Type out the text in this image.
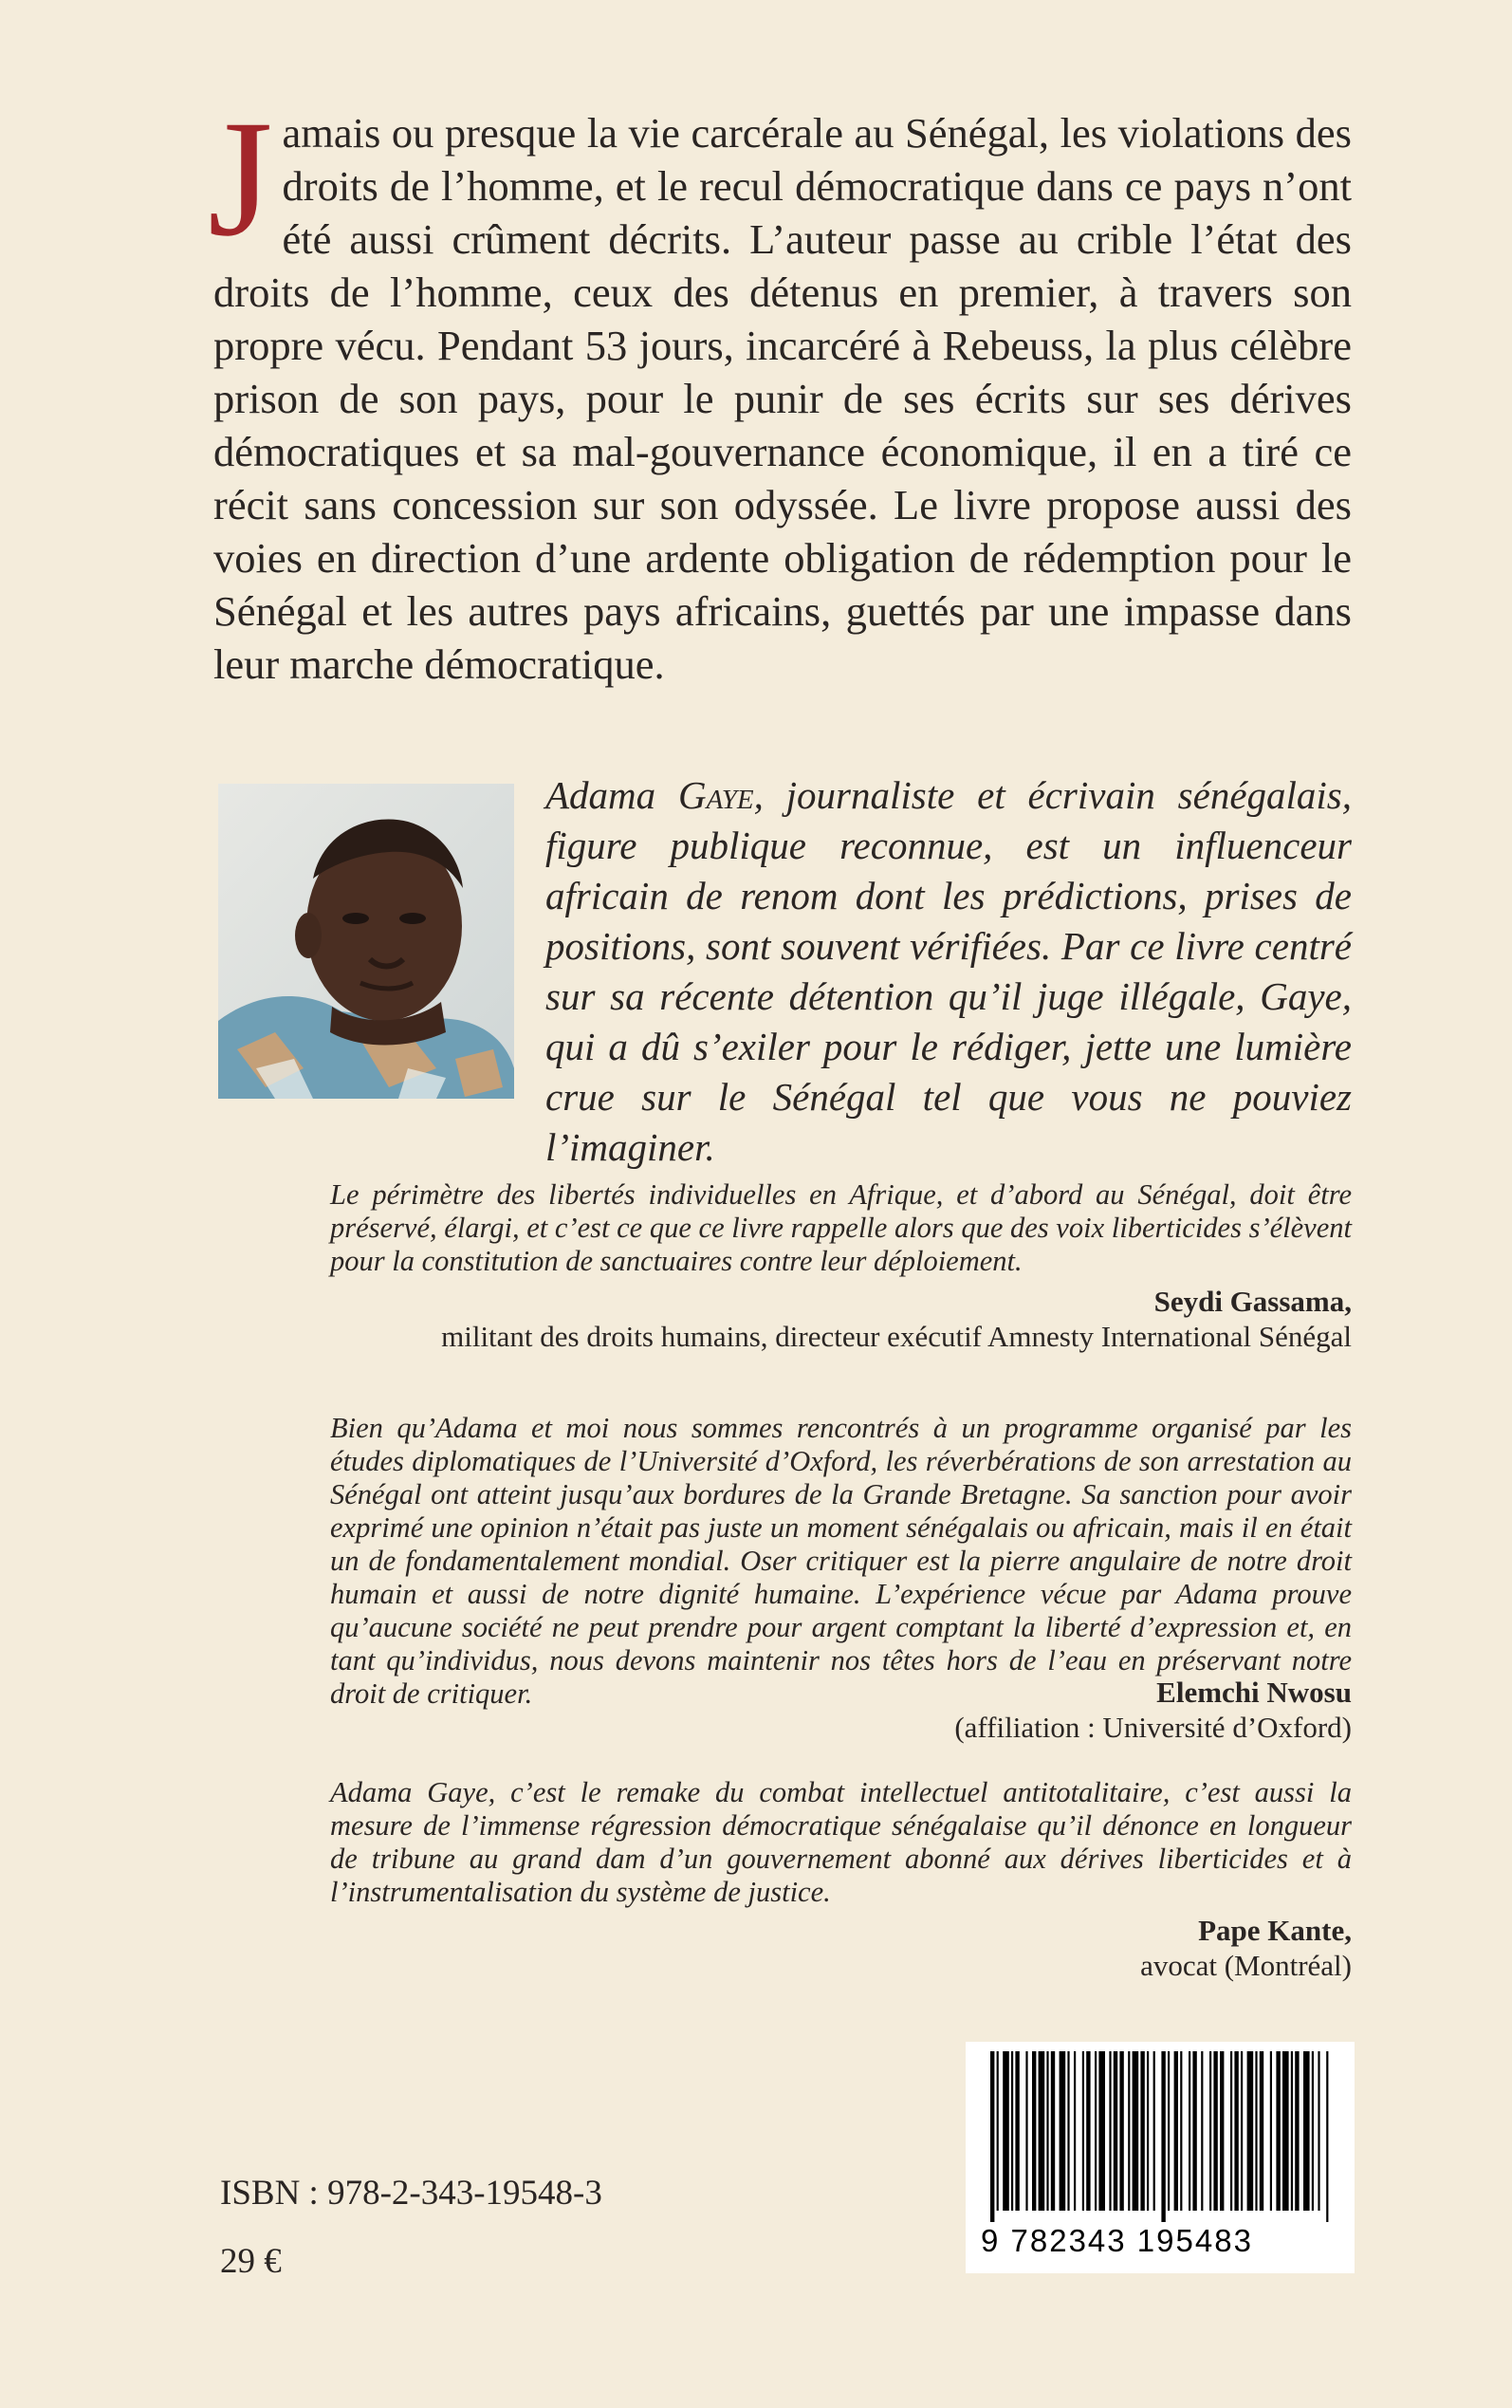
Jamais ou presque la vie carcérale au Sénégal, les violations des droits de l’homme, et le recul démocratique dans ce pays n’ont été aussi crûment décrits. L’auteur passe au crible l’état des droits de l’homme, ceux des détenus en premier, à travers son propre vécu. Pendant 53 jours, incarcéré à Rebeuss, la plus célèbre prison de son pays, pour le punir de ses écrits sur ses dérives démocratiques et sa mal-gouvernance économique, il en a tiré ce récit sans concession sur son odyssée. Le livre propose aussi des voies en direction d’une ardente obligation de rédemption pour le Sénégal et les autres pays africains, guettés par une impasse dans leur marche démocratique.

Adama Gaye, journaliste et écrivain sénégalais, figure publique reconnue, est un influenceur africain de renom dont les prédictions, prises de positions, sont souvent vérifiées. Par ce livre centré sur sa récente détention qu’il juge illégale, Gaye, qui a dû s’exiler pour le rédiger, jette une lumière crue sur le Sénégal tel que vous ne pouviez l’imaginer.

Le périmètre des libertés individuelles en Afrique, et d’abord au Sénégal, doit être préservé, élargi, et c’est ce que ce livre rappelle alors que des voix liberticides s’élèvent pour la constitution de sanctuaires contre leur déploiement.

Seydi Gassama,

militant des droits humains, directeur exécutif Amnesty International Sénégal

Bien qu’Adama et moi nous sommes rencontrés à un programme organisé par les études diplomatiques de l’Université d’Oxford, les réverbérations de son arrestation au Sénégal ont atteint jusqu’aux bordures de la Grande Bretagne. Sa sanction pour avoir exprimé une opinion n’était pas juste un moment sénégalais ou africain, mais il en était un de fondamentalement mondial. Oser critiquer est la pierre angulaire de notre droit humain et aussi de notre dignité humaine. L’expérience vécue par Adama prouve qu’aucune société ne peut prendre pour argent comptant la liberté d’expression et, en tant qu’individus, nous devons maintenir nos têtes hors de l’eau en préservant notre droit de critiquer.	Elemchi Nwosu

(affiliation : Université d’Oxford)

Adama Gaye, c’est le remake du combat intellectuel antitotalitaire, c’est aussi la mesure de l’immense régression démocratique sénégalaise qu’il dénonce en longueur de tribune au grand dam d’un gouvernement abonné aux dérives liberticides et à l’instrumentalisation du système de justice.

Pape Kante,

avocat (Montréal)

ISBN : 978-2-343-19548-3

29 €

9 782343 195483
